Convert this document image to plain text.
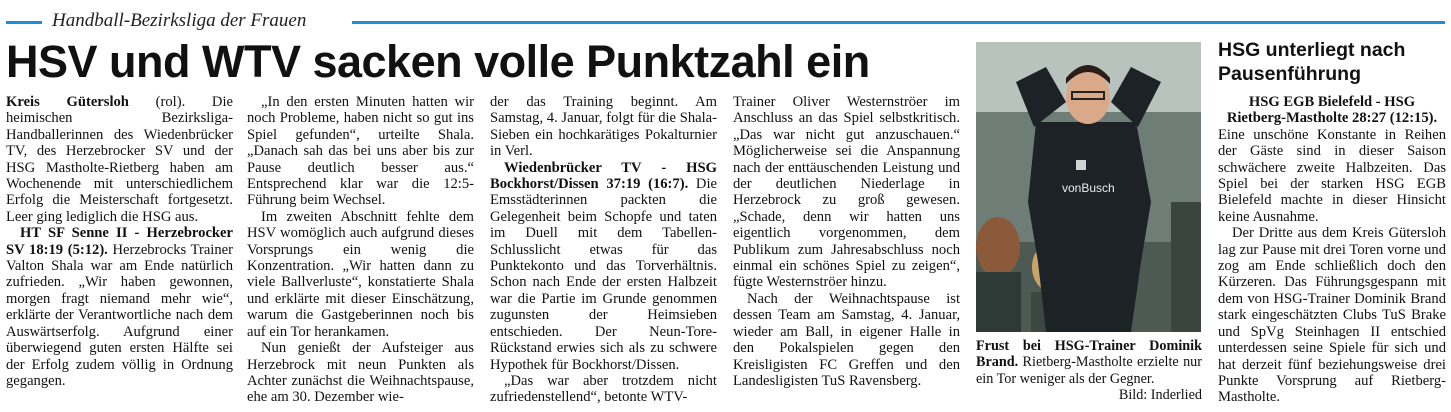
Handball-Bezirksliga der Frauen
HSV und WTV sacken volle Punktzahl ein

Kreis Gütersloh (rol). Die heimischen Bezirksliga-Handballerinnen des Wiedenbrücker TV, des Herzebrocker SV und der HSG Mastholte-Rietberg haben am Wochenende mit unterschiedlichem Erfolg die Meisterschaft fortgesetzt. Leer ging lediglich die HSG aus.

HT SF Senne II - Herzebrocker SV 18:19 (5:12). Herzebrocks Trainer Valton Shala war am Ende natürlich zufrieden. „Wir haben gewonnen, morgen fragt niemand mehr wie“, erklärte der Verantwortliche nach dem Auswärtserfolg. Aufgrund einer überwiegend guten ersten Hälfte sei der Erfolg zudem völlig in Ordnung gegangen.

„In den ersten Minuten hatten wir noch Probleme, haben nicht so gut ins Spiel gefunden“, urteilte Shala. „Danach sah das bei uns aber bis zur Pause deutlich besser aus.“ Entsprechend klar war die 12:5-Führung beim Wechsel.

Im zweiten Abschnitt fehlte dem HSV womöglich auch aufgrund dieses Vorsprungs ein wenig die Konzentration. „Wir hatten dann zu viele Ballverluste“, konstatierte Shala und erklärte mit dieser Einschätzung, warum die Gastgeberinnen noch bis auf ein Tor herankamen.

Nun genießt der Aufsteiger aus Herzebrock mit neun Punkten als Achter zunächst die Weihnachtspause, ehe am 30. Dezember wie-

der das Training beginnt. Am Samstag, 4. Januar, folgt für die Shala-Sieben ein hochkarätiges Pokalturnier in Verl.

Wiedenbrücker TV - HSG Bockhorst/Dissen 37:19 (16:7). Die Emsstädterinnen packten die Gelegenheit beim Schopfe und taten im Duell mit dem Tabellen-Schlusslicht etwas für das Punktekonto und das Torverhältnis. Schon nach Ende der ersten Halbzeit war die Partie im Grunde genommen zugunsten der Heimsieben entschieden. Der Neun-Tore-Rückstand erwies sich als zu schwere Hypothek für Bockhorst/Dissen.

„Das war aber trotzdem nicht zufriedenstellend“, betonte WTV-

Trainer Oliver Westernströer im Anschluss an das Spiel selbstkritisch. „Das war nicht gut anzuschauen.“ Möglicherweise sei die Anspannung nach der enttäuschenden Leistung und der deutlichen Niederlage in Herzebrock zu groß gewesen. „Schade, denn wir hatten uns eigentlich vorgenommen, dem Publikum zum Jahresabschluss noch einmal ein schönes Spiel zu zeigen“, fügte Westernströer hinzu.

Nach der Weihnachtspause ist dessen Team am Samstag, 4. Januar, wieder am Ball, in eigener Halle in den Pokalspielen gegen den Kreisligisten FC Greffen und den Landesligisten TuS Ravensberg.

vonBusch
Frust bei HSG-Trainer Dominik Brand. Rietberg-Mastholte erzielte nur ein Tor weniger als der Gegner.
Bild: Inderlied
HSG unterliegt nach Pausenführung

HSG EGB Bielefeld - HSG Rietberg-Mastholte 28:27 (12:15).

Eine unschöne Konstante in Reihen der Gäste sind in dieser Saison schwächere zweite Halbzeiten. Das Spiel bei der starken HSG EGB Bielefeld machte in dieser Hinsicht keine Ausnahme.

Der Dritte aus dem Kreis Gütersloh lag zur Pause mit drei Toren vorne und zog am Ende schließlich doch den Kürzeren. Das Führungsgespann mit dem von HSG-Trainer Dominik Brand stark eingeschätzten Clubs TuS Brake und SpVg Steinhagen II entschied unterdessen seine Spiele für sich und hat derzeit fünf beziehungsweise drei Punkte Vorsprung auf Rietberg-Mastholte.
